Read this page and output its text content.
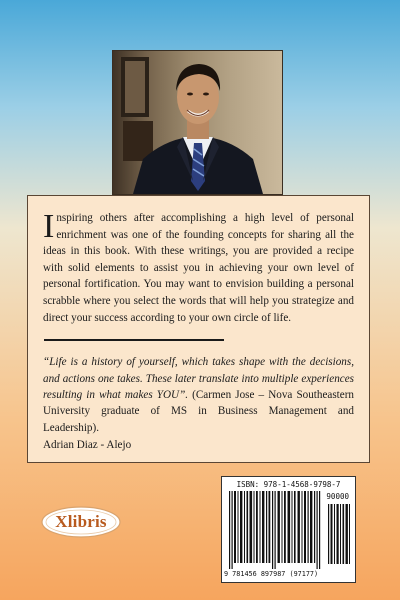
Inspiring others after accomplishing a high level of personal enrichment was one of the founding concepts for sharing all the ideas in this book. With these writings, you are provided a recipe with solid elements to assist you in achieving your own level of personal fortification. You may want to envision building a personal scrabble where you select the words that will help you strategize and direct your success according to your own circle of life.

“Life is a history of yourself, which takes shape with the decisions, and actions one takes. These later translate into multiple experiences resulting in what makes YOU”. (Carmen Jose – Nova Southeastern University graduate of MS in Business Management and Leadership).

Adrian Diaz - Alejo

Xlibris
ISBN: 978-1-4568-9798-7
90000
9 781456 897987 (97177)
